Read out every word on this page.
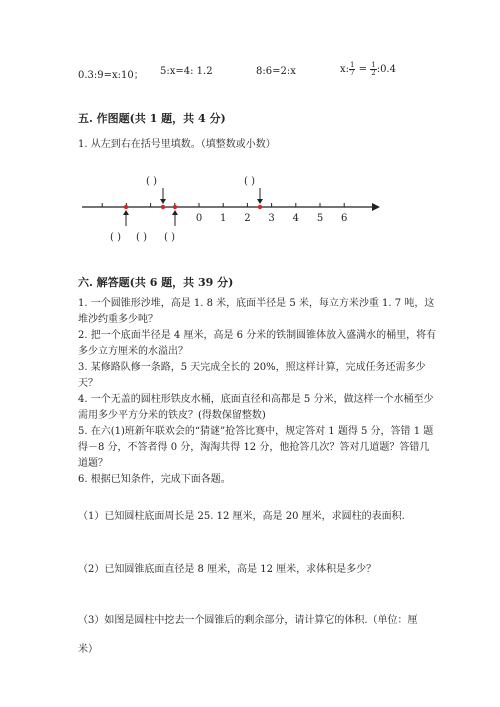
0.3:9=x:10； 5:x=4: 1.2	8:6=2:x	x: $\frac{1}{7} = \frac{1}{2}$ :0.4
五. 作图题(共 1 题，共 4 分)
1. 从左到右在括号里填数。（填整数或小数）
0 1 2 3 4 5 6
( )	( )
( ) ( ) ( )
六. 解答题(共 6 题，共 39 分)
1. 一个圆锥形沙堆，高是 1. 8 米，底面半径是 5 米，每立方米沙重 1. 7 吨，这堆沙约重多少吨？
2. 把一个底面半径是 4 厘米，高是 6 分米的铁制圆锥体放入盛满水的桶里，将有多少立方厘米的水溢出？
3. 某修路队修一条路，5 天完成全长的 20%，照这样计算，完成任务还需多少天？
4. 一个无盖的圆柱形铁皮水桶，底面直径和高都是 5 分米，做这样一个水桶至少需用多少平方分米的铁皮？(得数保留整数)
5. 在六(1)班新年联欢会的“猜谜”抢答比赛中，规定答对 1 题得 5 分，答错 1 题得－8 分，不答者得 0 分，淘淘共得 12 分，他抢答几次？答对几道题？答错几道题？
6. 根据已知条件，完成下面各题。
（1）已知圆柱底面周长是 25. 12 厘米，高是 20 厘米，求圆柱的表面积.
（2）已知圆锥底面直径是 8 厘米，高是 12 厘米，求体积是多少？
（3）如图是圆柱中挖去一个圆锥后的剩余部分，请计算它的体积.（单位：厘
米）
